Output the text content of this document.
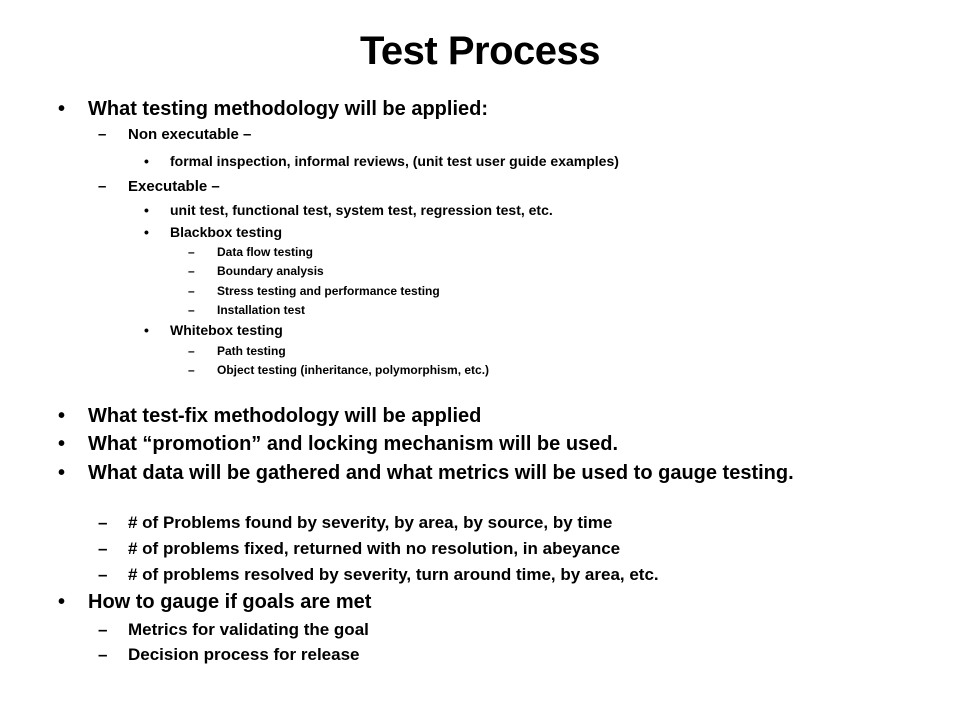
Test Process
• What testing methodology will be applied:
– Non executable –
• formal inspection, informal reviews, (unit test user guide examples)
– Executable –
• unit test, functional test, system test, regression test, etc.
• Blackbox testing
– Data flow testing
– Boundary analysis
– Stress testing and performance testing
– Installation test
• Whitebox testing
– Path testing
– Object testing (inheritance, polymorphism, etc.)
• What test-fix methodology will be applied
• What “promotion” and locking mechanism will be used.
• What data will be gathered and what metrics will be used to gauge testing.
– # of Problems found by severity, by area, by source, by time
– # of problems fixed, returned with no resolution, in abeyance
– # of problems resolved by severity, turn around time, by area, etc.
• How to gauge if goals are met
– Metrics for validating the goal
– Decision process for release
